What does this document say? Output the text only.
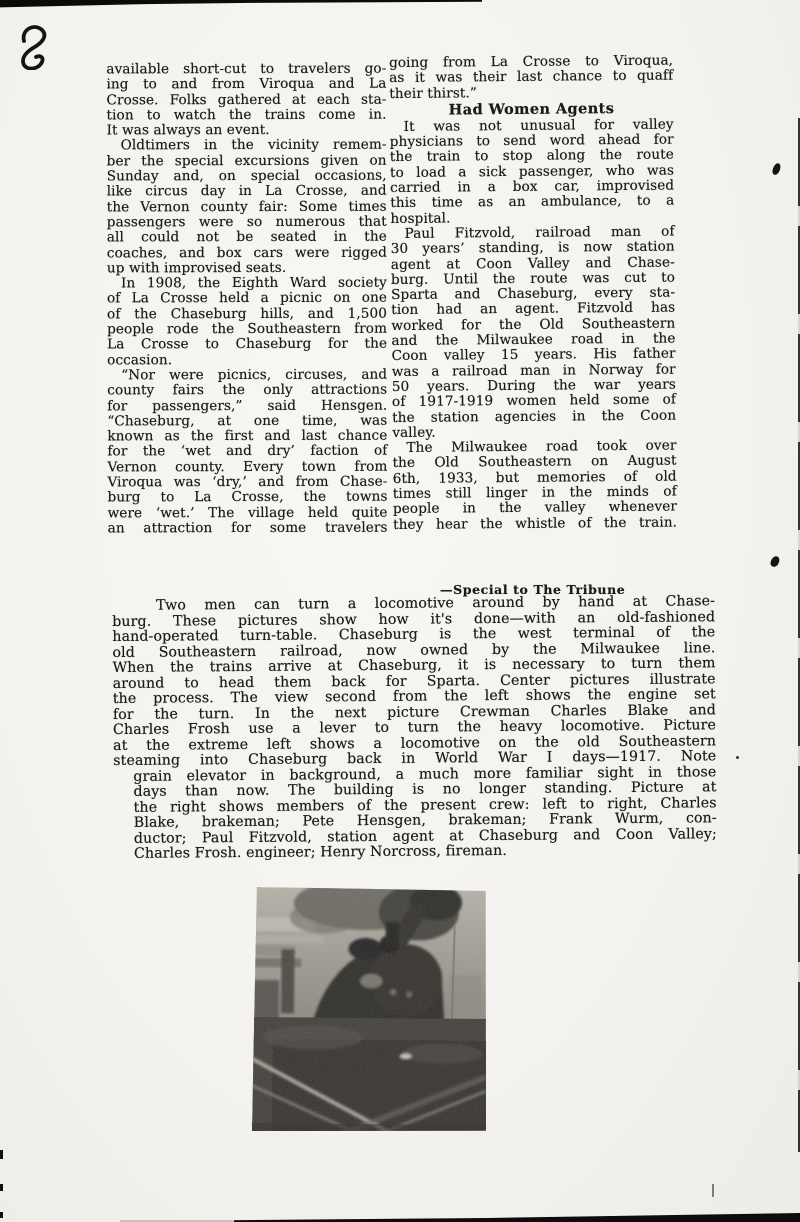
available short-cut to travelers go-
ing to and from Viroqua and La
Crosse. Folks gathered at each sta-
tion to watch the trains come in.
It was always an event.
Oldtimers in the vicinity remem-
ber the special excursions given on
Sunday and, on special occasions,
like circus day in La Crosse, and
the Vernon county fair: Some times
passengers were so numerous that
all could not be seated in the
coaches, and box cars were rigged
up with improvised seats.
In 1908, the Eighth Ward society
of La Crosse held a picnic on one
of the Chaseburg hills, and 1,500
people rode the Southeastern from
La Crosse to Chaseburg for the
occasion.
“Nor were picnics, circuses, and
county fairs the only attractions
for passengers,” said Hensgen.
“Chaseburg, at one time, was
known as the first and last chance
for the ‘wet and dry’ faction of
Vernon county. Every town from
Viroqua was ‘dry,’ and from Chase-
burg to La Crosse, the towns
were ‘wet.’ The village held quite
an attraction for some travelers
going from La Crosse to Viroqua,
as it was their last chance to quaff
their thirst.”
Had Women Agents
It was not unusual for valley
physicians to send word ahead for
the train to stop along the route
to load a sick passenger, who was
carried in a box car, improvised
this time as an ambulance, to a
hospital.
Paul Fitzvold, railroad man of
30 years’ standing, is now station
agent at Coon Valley and Chase-
burg. Until the route was cut to
Sparta and Chaseburg, every sta-
tion had an agent. Fitzvold has
worked for the Old Southeastern
and the Milwaukee road in the
Coon valley 15 years. His father
was a railroad man in Norway for
50 years. During the war years
of 1917-1919 women held some of
the station agencies in the Coon
valley.
The Milwaukee road took over
the Old Southeastern on August
6th, 1933, but memories of old
times still linger in the minds of
people in the valley whenever
they hear the whistle of the train.
—Special to The Tribune
Two men can turn a locomotive around by hand at Chase-
burg. These pictures show how it's done—with an old-fashioned
hand-operated turn-table. Chaseburg is the west terminal of the
old Southeastern railroad, now owned by the Milwaukee line.
When the trains arrive at Chaseburg, it is necessary to turn them
around to head them back for Sparta. Center pictures illustrate
the process. The view second from the left shows the engine set
for the turn. In the next picture Crewman Charles Blake and
Charles Frosh use a lever to turn the heavy locomotive. Picture
at the extreme left shows a locomotive on the old Southeastern
steaming into Chaseburg back in World War I days—1917. Note
grain elevator in background, a much more familiar sight in those
days than now. The building is no longer standing. Picture at
the right shows members of the present crew: left to right, Charles
Blake, brakeman; Pete Hensgen, brakeman; Frank Wurm, con-
ductor; Paul Fitzvold, station agent at Chaseburg and Coon Valley;
Charles Frosh. engineer; Henry Norcross, fireman.
